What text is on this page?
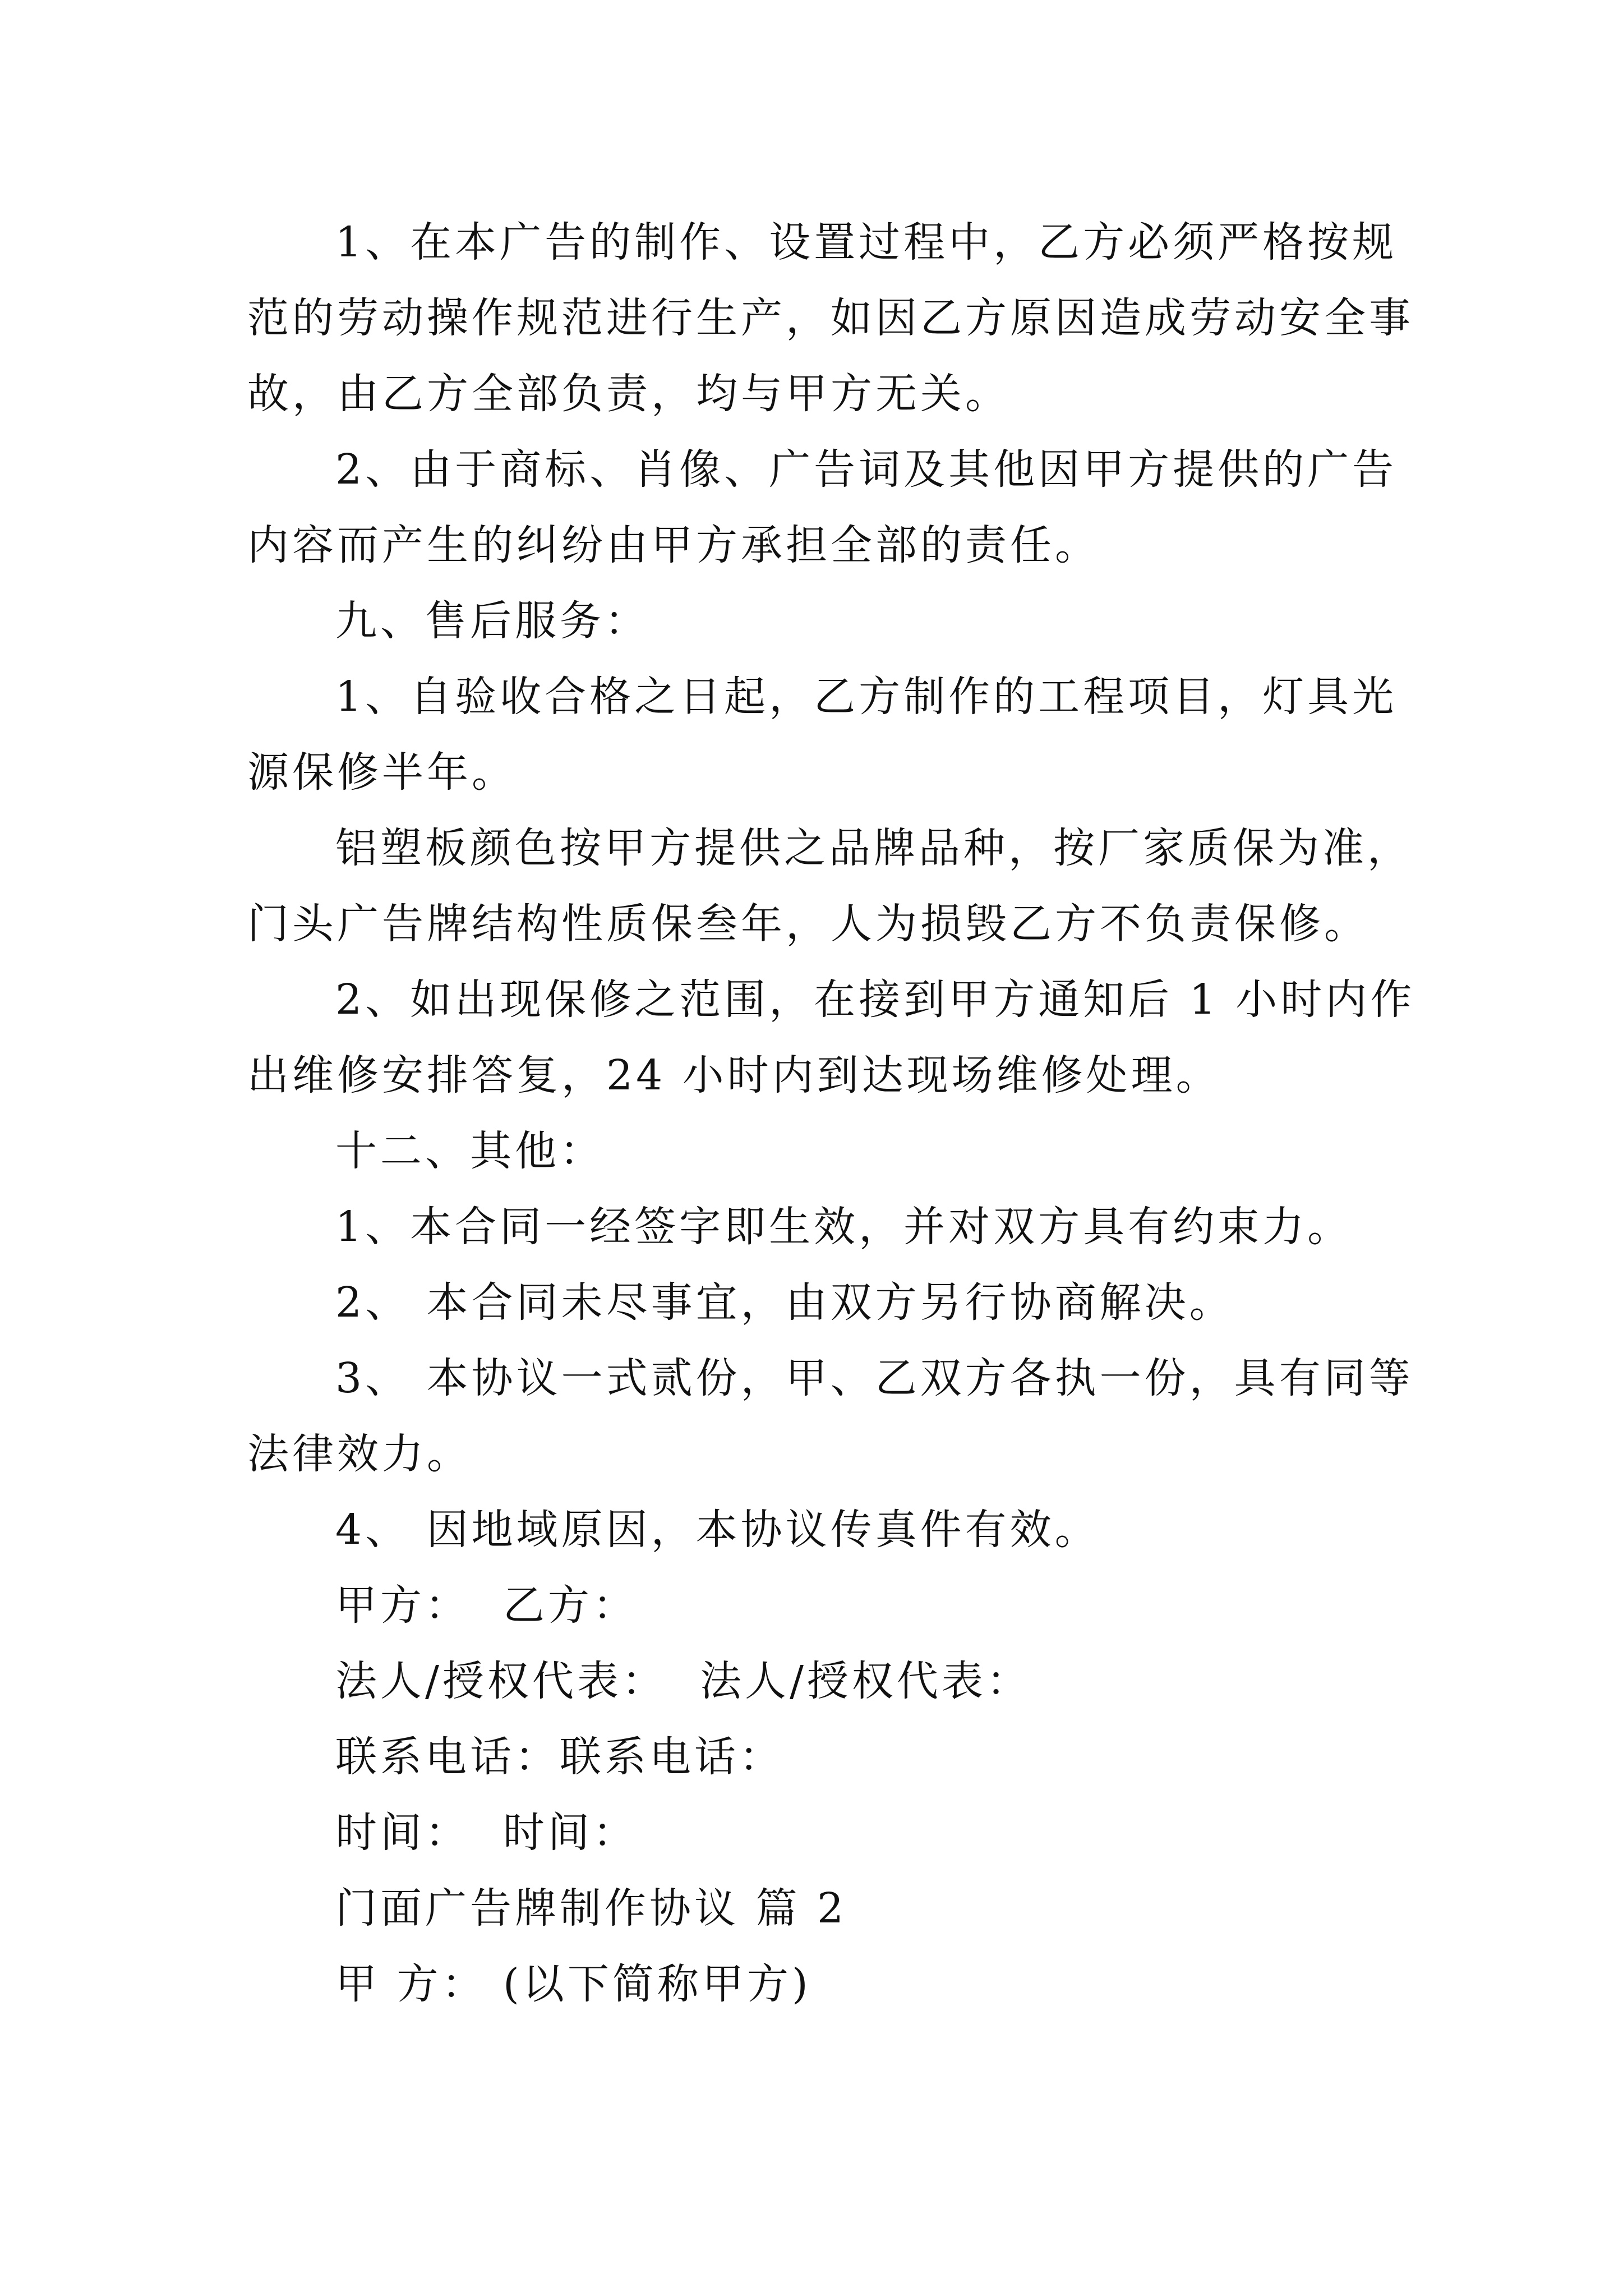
1、在本广告的制作、设置过程中，乙方必须严格按规
范的劳动操作规范进行生产，如因乙方原因造成劳动安全事
故，由乙方全部负责，均与甲方无关。
2、由于商标、肖像、广告词及其他因甲方提供的广告
内容而产生的纠纷由甲方承担全部的责任。
九、售后服务：
1、自验收合格之日起，乙方制作的工程项目，灯具光
源保修半年。
铝塑板颜色按甲方提供之品牌品种，按厂家质保为准，
门头广告牌结构性质保叁年，人为损毁乙方不负责保修。
2、如出现保修之范围，在接到甲方通知后 1 小时内作
出维修安排答复，24 小时内到达现场维修处理。
十二、其他：
1、本合同一经签字即生效，并对双方具有约束力。
2、 本合同未尽事宜，由双方另行协商解决。
3、 本协议一式贰份，甲、乙双方各执一份，具有同等
法律效力。
4、 因地域原因，本协议传真件有效。
甲方：  乙方：
法人/授权代表：  法人/授权代表：
联系电话：联系电话：
时间：  时间：
门面广告牌制作协议 篇 2
甲 方： (以下简称甲方)
